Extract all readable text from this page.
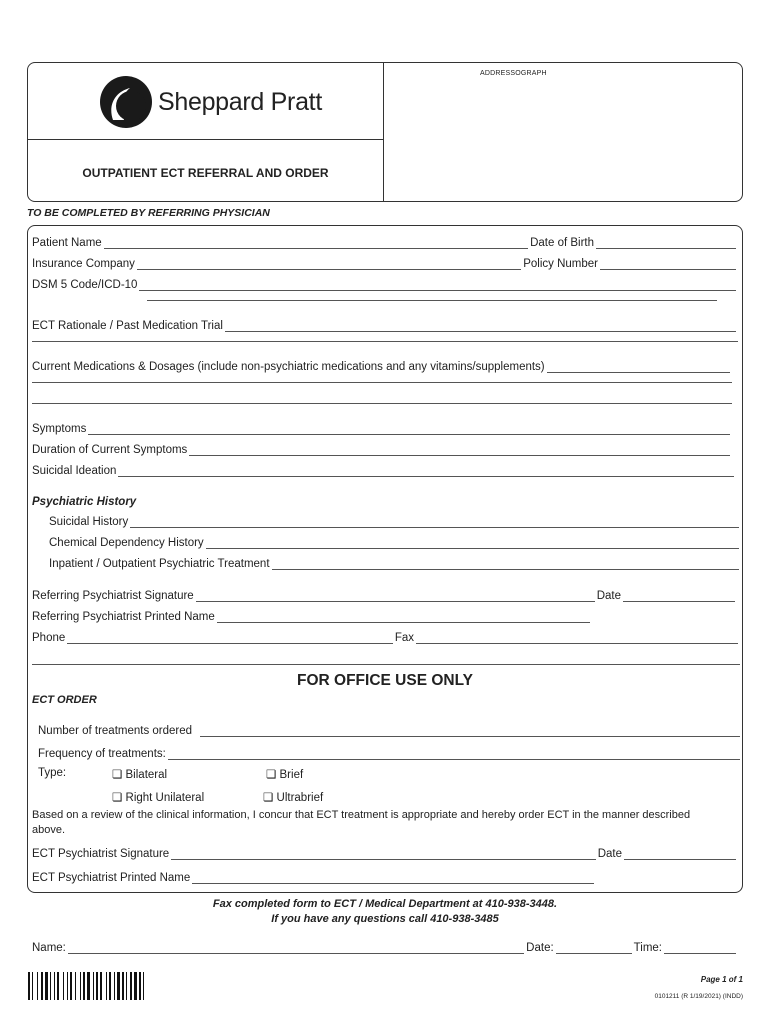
ADDRESSOGRAPH
Sheppard Pratt
OUTPATIENT ECT REFERRAL AND ORDER
TO BE COMPLETED BY REFERRING PHYSICIAN
Patient Name	Date of Birth
Insurance Company	Policy Number
DSM 5 Code/ICD-10
ECT Rationale / Past Medication Trial
Current Medications & Dosages (include non-psychiatric medications and any vitamins/supplements)
Symptoms
Duration of Current Symptoms
Suicidal Ideation
Psychiatric History
Suicidal History
Chemical Dependency History
Inpatient / Outpatient Psychiatric Treatment
Referring Psychiatrist Signature	Date
Referring Psychiatrist Printed Name
Phone	Fax
FOR OFFICE USE ONLY
ECT ORDER
Number of treatments ordered
Frequency of treatments:
Type:	❏ Bilateral	❏ Brief
❏ Right Unilateral	❏ Ultrabrief
Based on a review of the clinical information, I concur that ECT treatment is appropriate and hereby order ECT in the manner described above.
ECT Psychiatrist Signature	Date
ECT Psychiatrist Printed Name
Fax completed form to ECT / Medical Department at 410-938-3448.
If you have any questions call 410-938-3485
Name:	Date:	Time:
Page 1 of 1
0101211 (R 1/19/2021) (INDD)
